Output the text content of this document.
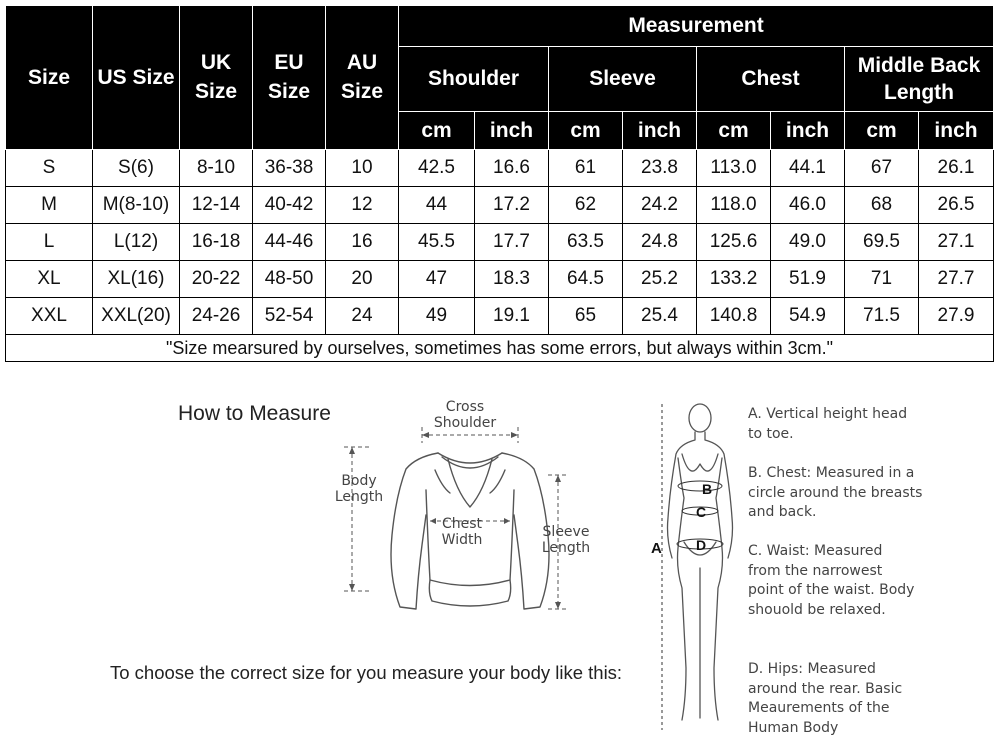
Size	US Size	UK Size	EU Size	AU Size	Measurement							
					Shoulder		Sleeve		Chest		Middle Back Length	
					cm	inch	cm	inch	cm	inch	cm	inch
S	S(6)	8-10	36-38	10	42.5	16.6	61	23.8	113.0	44.1	67	26.1
M	M(8-10)	12-14	40-42	12	44	17.2	62	24.2	118.0	46.0	68	26.5
L	L(12)	16-18	44-46	16	45.5	17.7	63.5	24.8	125.6	49.0	69.5	27.1
XL	XL(16)	20-22	48-50	20	47	18.3	64.5	25.2	133.2	51.9	71	27.7
XXL	XXL(20)	24-26	52-54	24	49	19.1	65	25.4	140.8	54.9	71.5	27.9
"Size mearsured by ourselves, sometimes has some errors, but always within 3cm."												
How to Measure	Cross Shoulder
Body Length
Chest Width
Sleeve Length
B
C
D
A
A. Vertical height head to toe.
B. Chest: Measured in a circle around the breasts and back.
C. Waist: Measured from the narrowest point of the waist. Body shouold be relaxed.
D. Hips: Measured around the rear. Basic Meaurements of the Human Body
To choose the correct size for you measure your body like this:
